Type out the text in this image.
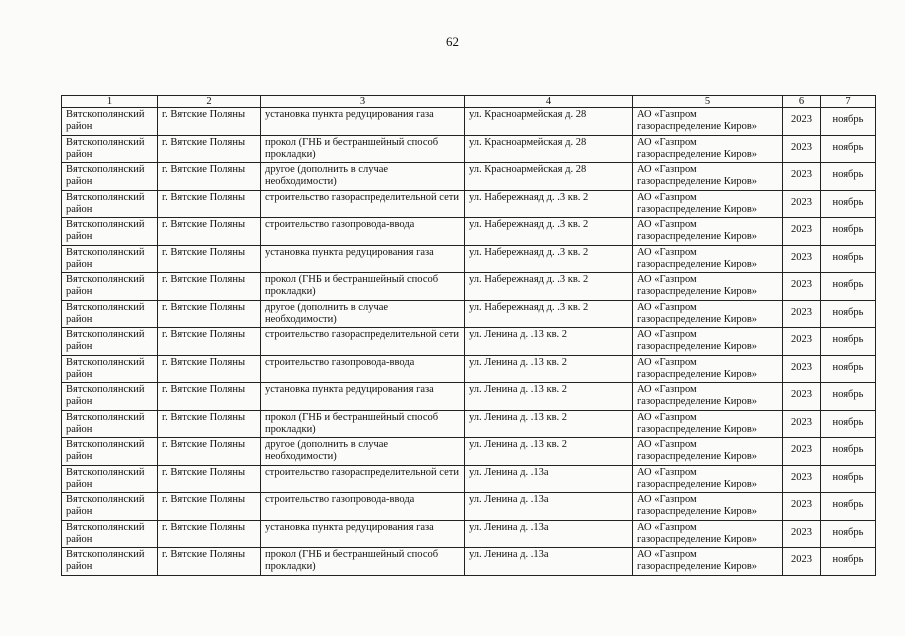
62
1	2	3	4	5	6	7
Вятскополянский район	г. Вятские Поляны	установка пункта редуцирования газа	ул. Красноармейская д. 28	АО «Газпром газораспределение Киров»	2023	ноябрь
Вятскополянский район	г. Вятские Поляны	прокол (ГНБ и бестраншейный способ прокладки)	ул. Красноармейская д. 28	АО «Газпром газораспределение Киров»	2023	ноябрь
Вятскополянский район	г. Вятские Поляны	другое (дополнить в случае необходимости)	ул. Красноармейская д. 28	АО «Газпром газораспределение Киров»	2023	ноябрь
Вятскополянский район	г. Вятские Поляны	строительство газораспределительной сети	ул. Набережнаяд д. .3 кв. 2	АО «Газпром газораспределение Киров»	2023	ноябрь
Вятскополянский район	г. Вятские Поляны	строительство газопровода-ввода	ул. Набережнаяд д. .3 кв. 2	АО «Газпром газораспределение Киров»	2023	ноябрь
Вятскополянский район	г. Вятские Поляны	установка пункта редуцирования газа	ул. Набережнаяд д. .3 кв. 2	АО «Газпром газораспределение Киров»	2023	ноябрь
Вятскополянский район	г. Вятские Поляны	прокол (ГНБ и бестраншейный способ прокладки)	ул. Набережнаяд д. .3 кв. 2	АО «Газпром газораспределение Киров»	2023	ноябрь
Вятскополянский район	г. Вятские Поляны	другое (дополнить в случае необходимости)	ул. Набережнаяд д. .3 кв. 2	АО «Газпром газораспределение Киров»	2023	ноябрь
Вятскополянский район	г. Вятские Поляны	строительство газораспределительной сети	ул. Ленина д. .13 кв. 2	АО «Газпром газораспределение Киров»	2023	ноябрь
Вятскополянский район	г. Вятские Поляны	строительство газопровода-ввода	ул. Ленина д. .13 кв. 2	АО «Газпром газораспределение Киров»	2023	ноябрь
Вятскополянский район	г. Вятские Поляны	установка пункта редуцирования газа	ул. Ленина д. .13 кв. 2	АО «Газпром газораспределение Киров»	2023	ноябрь
Вятскополянский район	г. Вятские Поляны	прокол (ГНБ и бестраншейный способ прокладки)	ул. Ленина д. .13 кв. 2	АО «Газпром газораспределение Киров»	2023	ноябрь
Вятскополянский район	г. Вятские Поляны	другое (дополнить в случае необходимости)	ул. Ленина д. .13 кв. 2	АО «Газпром газораспределение Киров»	2023	ноябрь
Вятскополянский район	г. Вятские Поляны	строительство газораспределительной сети	ул. Ленина д. .13а	АО «Газпром газораспределение Киров»	2023	ноябрь
Вятскополянский район	г. Вятские Поляны	строительство газопровода-ввода	ул. Ленина д. .13а	АО «Газпром газораспределение Киров»	2023	ноябрь
Вятскополянский район	г. Вятские Поляны	установка пункта редуцирования газа	ул. Ленина д. .13а	АО «Газпром газораспределение Киров»	2023	ноябрь
Вятскополянский район	г. Вятские Поляны	прокол (ГНБ и бестраншейный способ прокладки)	ул. Ленина д. .13а	АО «Газпром газораспределение Киров»	2023	ноябрь
